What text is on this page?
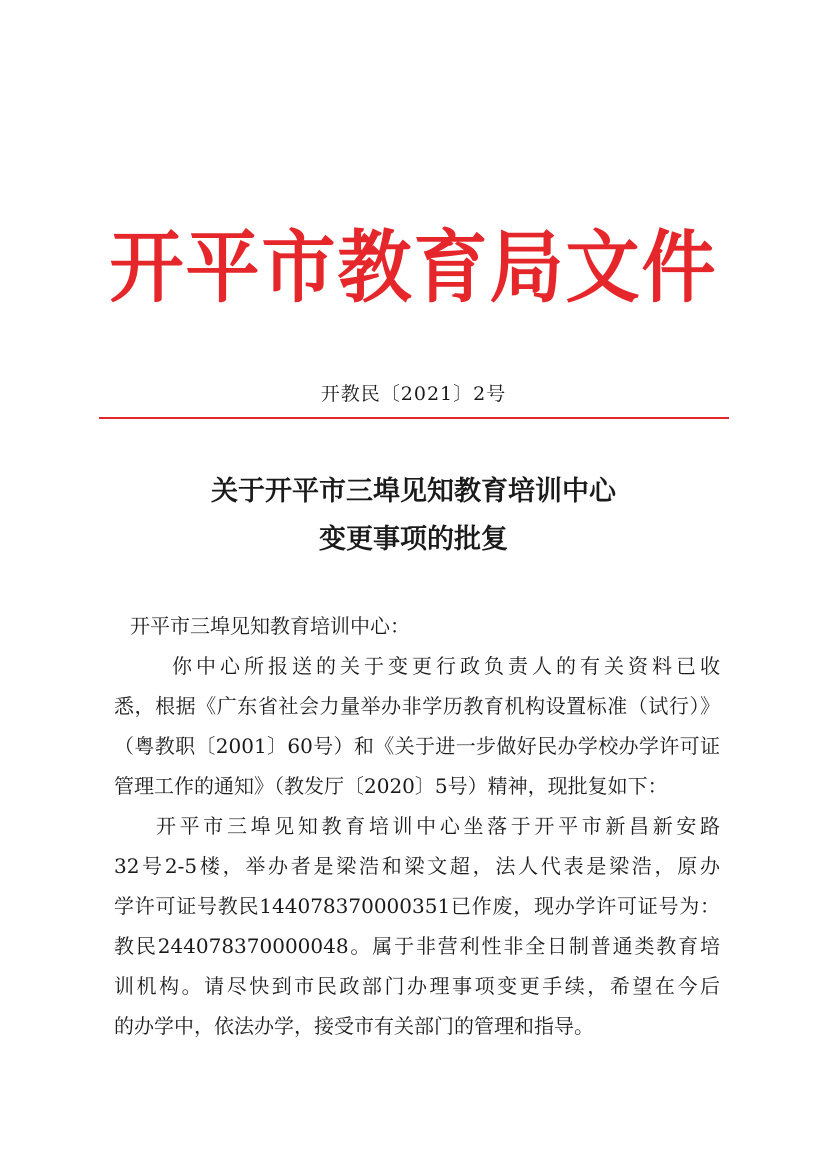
开平市教育局文件
开教民〔2021〕2号
关于开平市三埠见知教育培训中心
变更事项的批复
开平市三埠见知教育培训中心：
你中心所报送的关于变更行政负责人的有关资料已收
悉，根据《广东省社会力量举办非学历教育机构设置标准（试行）》
（粤教职〔2001〕60号）和《关于进一步做好民办学校办学许可证
管理工作的通知》（教发厅〔2020〕5号）精神，现批复如下：
开平市三埠见知教育培训中心坐落于开平市新昌新安路
32号2-5楼，举办者是梁浩和梁文超，法人代表是梁浩，原办
学许可证号教民144078370000351已作废，现办学许可证号为：
教民244078370000048。属于非营利性非全日制普通类教育培
训机构。请尽快到市民政部门办理事项变更手续，希望在今后
的办学中，依法办学，接受市有关部门的管理和指导。
